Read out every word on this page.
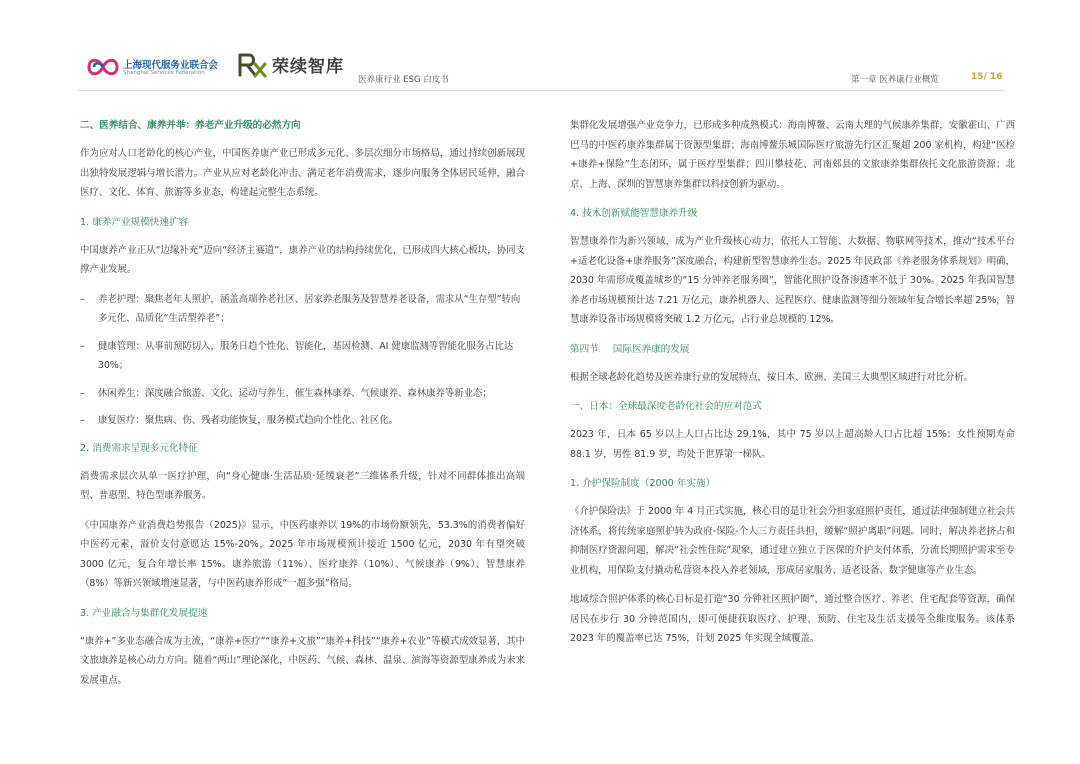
上海现代服务业联合会
Shanghai Services Federation	荣续智库
医养康行业 ESG 白皮书	第一章 医养康行业概览	15/ 16
二、医养结合、康养并举：养老产业升级的必然方向

作为应对人口老龄化的核心产业，中国医养康产业已形成多元化、多层次细分市场格局，通过持续创新展现出独特发展逻辑与增长潜力。产业从应对老龄化冲击、满足老年消费需求，逐步向服务全体居民延伸，融合医疗、文化、体育、旅游等多业态，构建起完整生态系统。

1. 康养产业规模快速扩容

中国康养产业正从“边缘补充”迈向“经济主赛道”，康养产业的结构持续优化，已形成四大核心板块，协同支撑产业发展。

–	养老护理：聚焦老年人照护，涵盖高端养老社区、居家养老服务及智慧养老设备，需求从“生存型”转向多元化、品质化“生活型养老”；
–	健康管理：从事前预防切入，服务日趋个性化、智能化，基因检测、AI 健康监测等智能化服务占比达 30%；
–	休闲养生：深度融合旅游、文化、运动与养生，催生森林康养、气候康养、森林康养等新业态；
–	康复医疗：聚焦病、伤、残者功能恢复，服务模式趋向个性化、社区化。
2. 消费需求呈现多元化特征

消费需求层次从单一医疗护理，向“身心健康·生活品质·延缓衰老”三维体系升级，针对不同群体推出高端型、普惠型、特色型康养服务。

《中国康养产业消费趋势报告（2025)》显示，中医药康养以 19%的市场份额领先，53.3%的消费者偏好中医药元素，溢价支付意愿达 15%-20%，2025 年市场规模预计接近 1500 亿元，2030 年有望突破 3000 亿元，复合年增长率 15%。康养旅游（11%）、医疗康养（10%）、气候康养（9%）、智慧康养（8%）等新兴领域增速显著，与中医药康养形成“一超多强”格局。

3. 产业融合与集群化发展提速

“康养+”多业态融合成为主流，“康养+医疗”“康养+文旅”“康养+科技”“康养+农业”等模式成效显著，其中文旅康养是核心动力方向。随着“两山”理论深化，中医药、气候、森林、温泉、滨海等资源型康养成为未来发展重点。

集群化发展增强产业竞争力，已形成多种成熟模式：海南博鳌、云南大理的气候康养集群，安徽霍山、广西巴马的中医药康养集群属于资源型集群；海南博鳌乐城国际医疗旅游先行区汇聚超 200 家机构，构建“医检+康养+保险”生态闭环，属于医疗型集群；四川攀枝花、河南郏县的文旅康养集群依托文化旅游资源；北京、上海、深圳的智慧康养集群以科技创新为驱动。

4. 技术创新赋能智慧康养升级

智慧康养作为新兴领域，成为产业升级核心动力，依托人工智能、大数据、物联网等技术，推动“技术平台+适老化设备+康养服务”深度融合，构建新型智慧康养生态。2025 年民政部《养老服务体系规划》明确，2030 年需形成覆盖城乡的“15 分钟养老服务圈”，智能化照护设备渗透率不低于 30%。2025 年我国智慧养老市场规模预计达 7.21 万亿元，康养机器人、远程医疗、健康监测等细分领域年复合增长率超 25%，智慧康养设备市场规模将突破 1.2 万亿元，占行业总规模的 12%。

第四节 国际医养康的发展

根据全球老龄化趋势及医养康行业的发展特点，按日本、欧洲、美国三大典型区域进行对比分析。

一、日本：全球最深度老龄化社会的应对范式

2023 年，日本 65 岁以上人口占比达 29.1%，其中 75 岁以上超高龄人口占比超 15%；女性预期寿命 88.1 岁，男性 81.9 岁，均处于世界第一梯队。

1. 介护保险制度（2000 年实施）

《介护保险法》于 2000 年 4 月正式实施，核心目的是让社会分担家庭照护责任，通过法律强制建立社会共济体系，将传统家庭照护转为政府-保险-个人三方责任共担，缓解“照护离职”问题。同时，解决养老挤占和抑制医疗资源问题，解决“社会性住院”现象，通过建立独立于医保的介护支付体系，分流长期照护需求至专业机构，用保险支付撬动私营资本投入养老领域，形成居家服务、适老设备、数字健康等产业生态。

地域综合照护体系的核心目标是打造“30 分钟社区照护圈”，通过整合医疗、养老、住宅配套等资源，确保居民在步行 30 分钟范围内，即可便捷获取医疗、护理、预防、住宅及生活支援等全维度服务。该体系 2023 年的覆盖率已达 75%，计划 2025 年实现全域覆盖。
